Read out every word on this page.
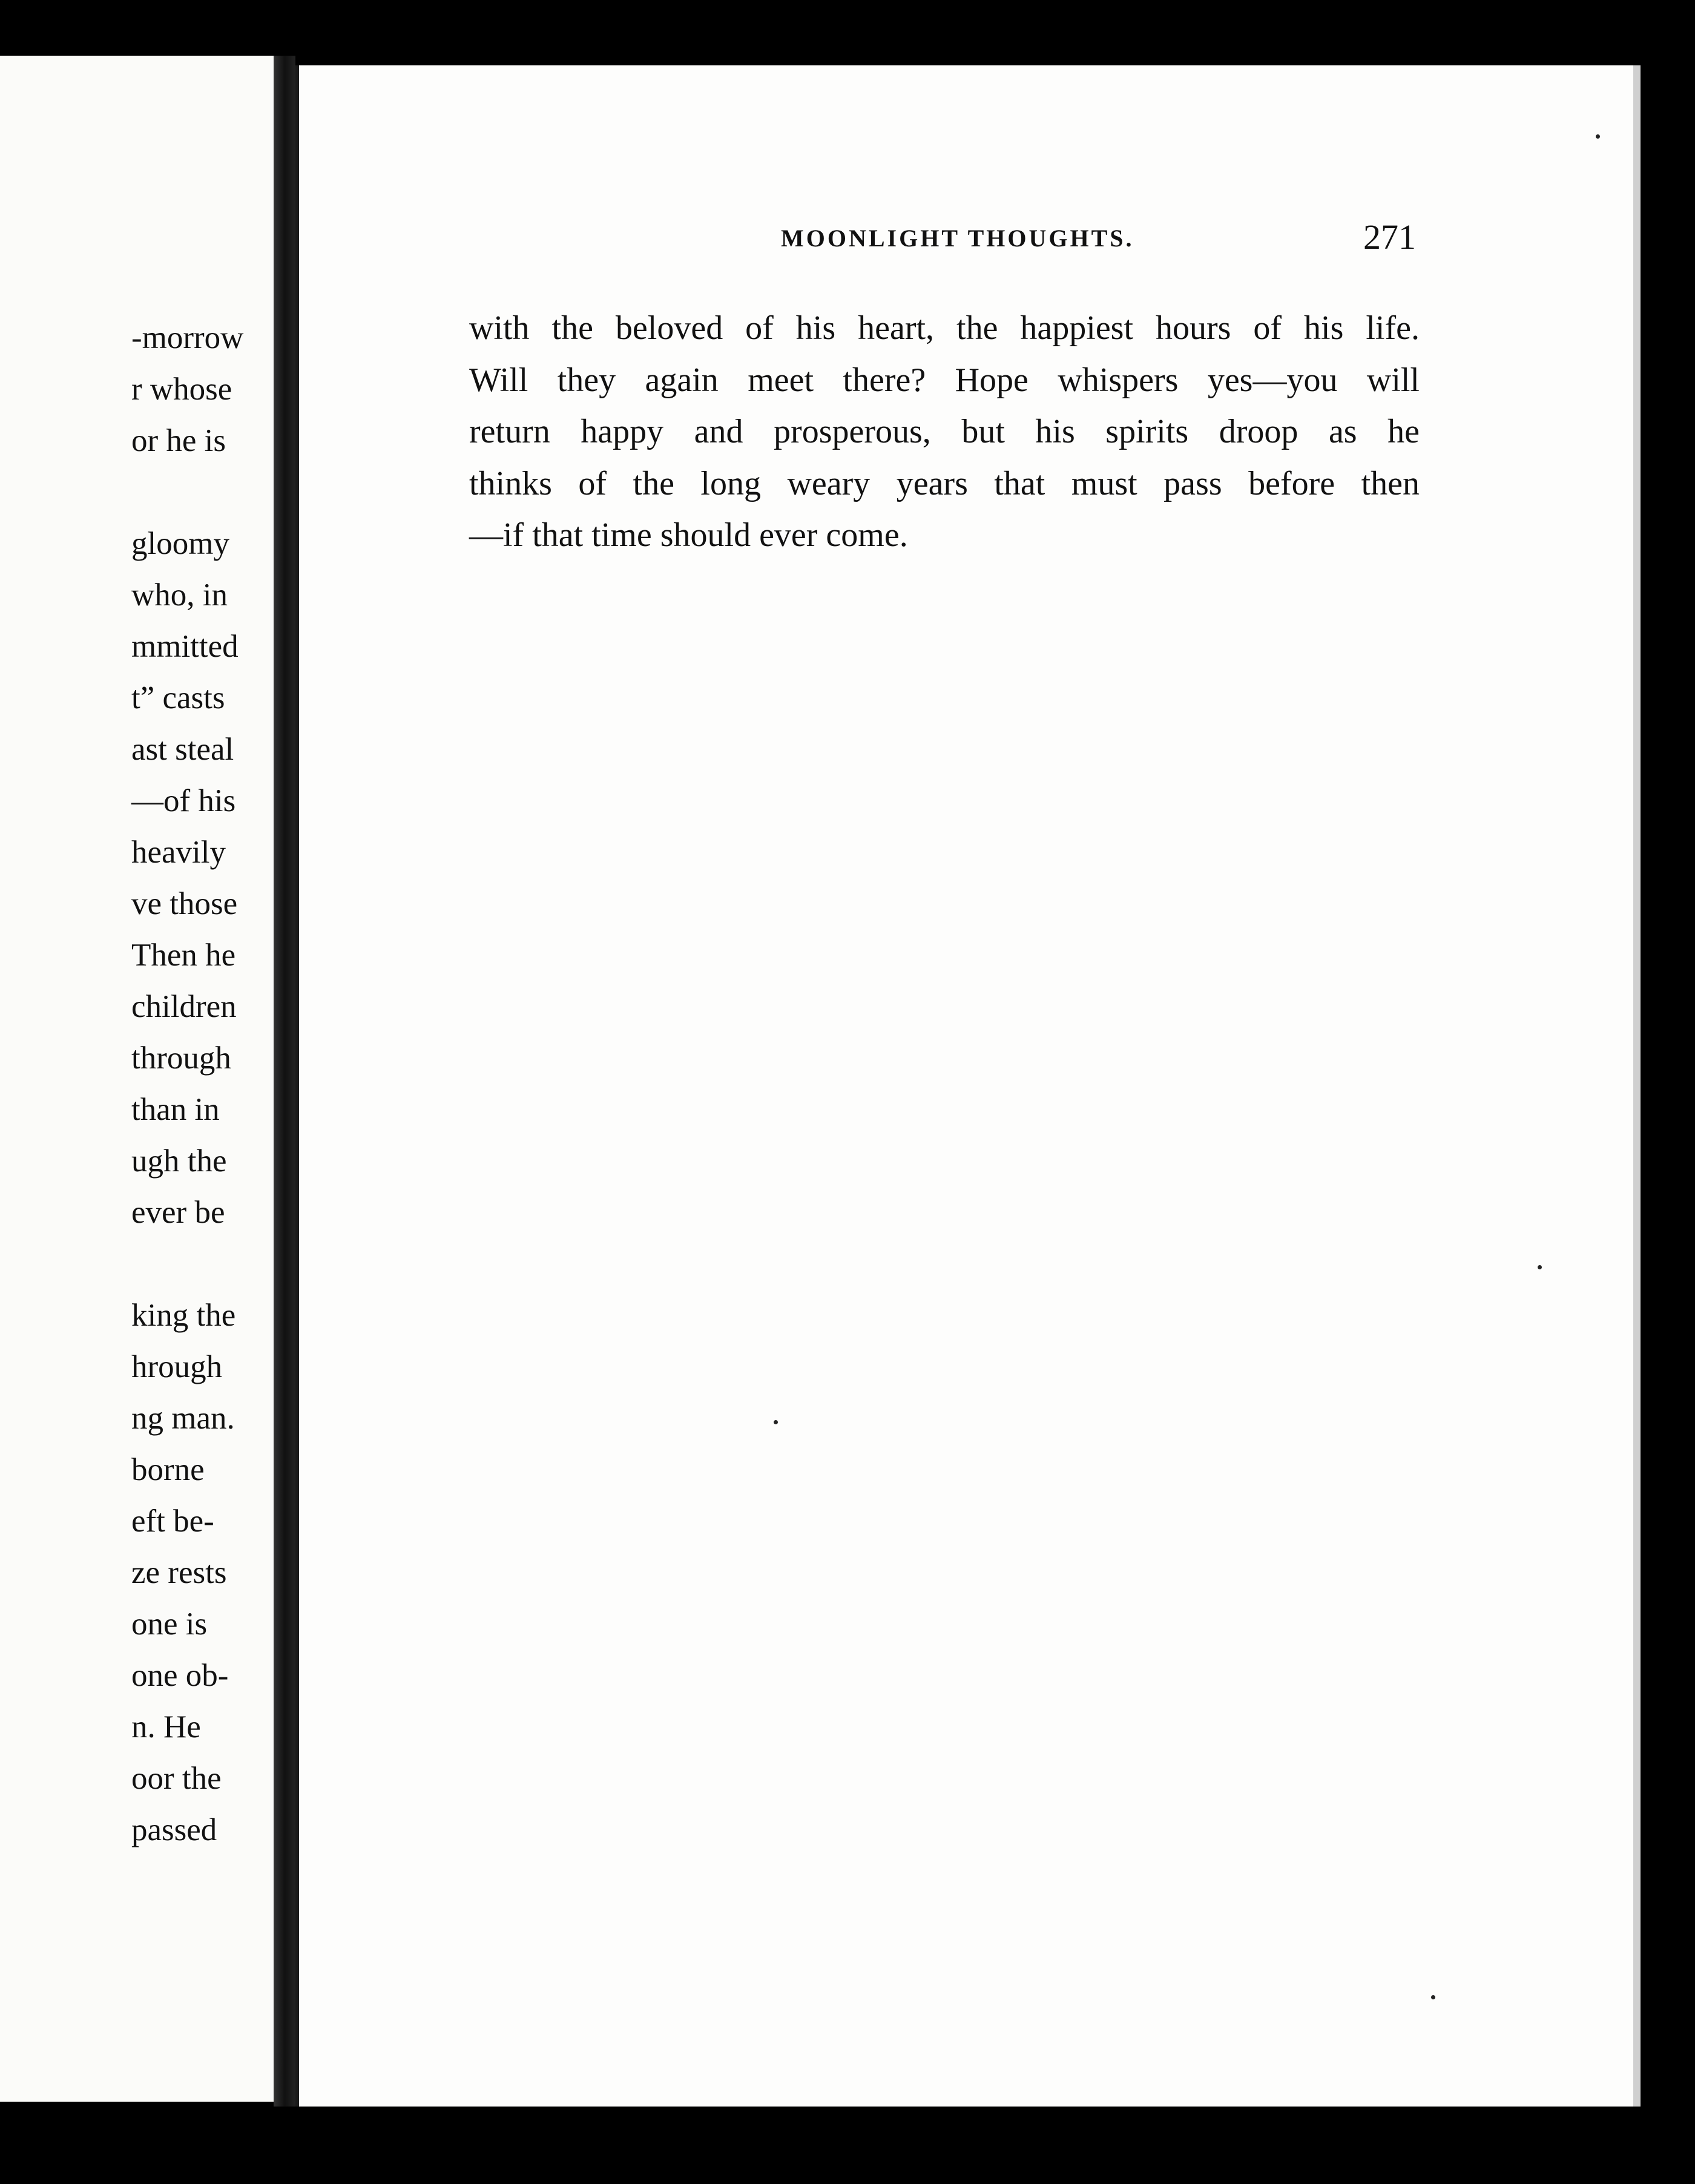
-morrow
r whose
or he is
gloomy
who, in
mmitted
t” casts
ast steal
—of his
heavily
ve those
Then he
children
through
than in
ugh the
ever be
king the
hrough
ng man.
borne
eft be-
ze rests
one is
one ob-
n. He
oor the
passed
MOONLIGHT THOUGHTS.	271
with the beloved of his heart, the happiest hours of his life.
Will they again meet there? Hope whispers yes—you will
return happy and prosperous, but his spirits droop as he
thinks of the long weary years that must pass before then
—if that time should ever come.
